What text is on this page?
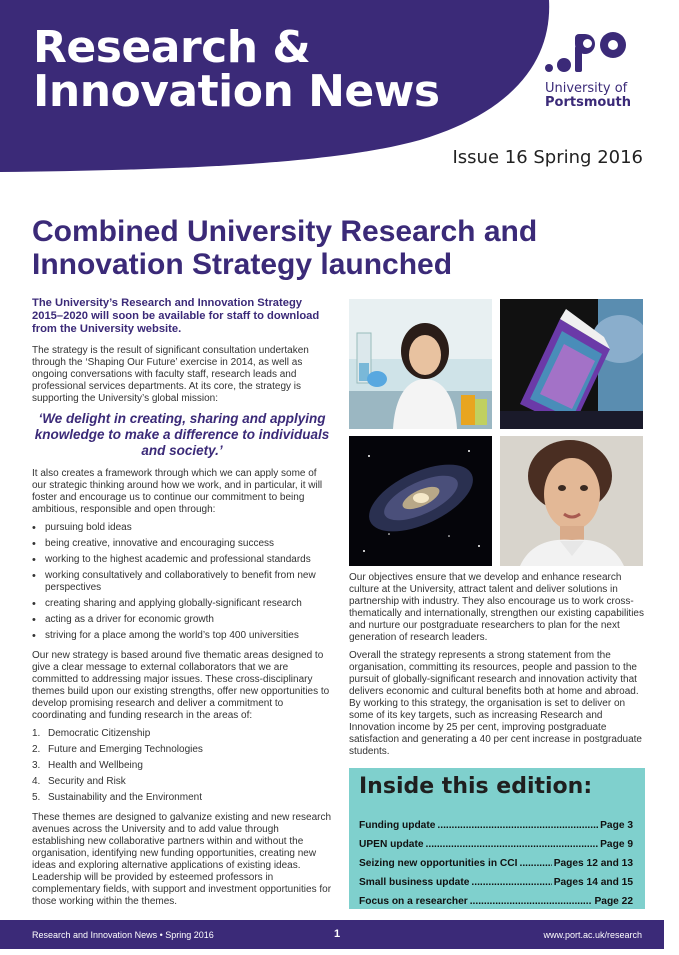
Research &
Innovation News	University of
Portsmouth
Issue 16 Spring 2016
Combined University Research and
Innovation Strategy launched
The University’s Research and Innovation Strategy 2015–2020 will soon be available for staff to download from the University website.

The strategy is the result of significant consultation undertaken through the ‘Shaping Our Future’ exercise in 2014, as well as ongoing conversations with faculty staff, research leads and professional services departments. At its core, the strategy is supporting the University’s global mission:

‘We delight in creating, sharing and applying knowledge to make a difference to individuals and society.’

It also creates a framework through which we can apply some of our strategic thinking around how we work, and in particular, it will foster and encourage us to continue our commitment to being ambitious, responsible and open through:

• pursuing bold ideas
• being creative, innovative and encouraging success
• working to the highest academic and professional standards
• working consultatively and collaboratively to benefit from new perspectives
• creating sharing and applying globally-significant research
• acting as a driver for economic growth
• striving for a place among the world’s top 400 universities

Our new strategy is based around five thematic areas designed to give a clear message to external collaborators that we are committed to addressing major issues. These cross-disciplinary themes build upon our existing strengths, offer new opportunities to develop promising research and deliver a commitment to coordinating and funding research in the areas of:

1. Democratic Citizenship
2. Future and Emerging Technologies
3. Health and Wellbeing
4. Security and Risk
5. Sustainability and the Environment

These themes are designed to galvanize existing and new research avenues across the University and to add value through establishing new collaborative partners within and without the organisation, identifying new funding opportunities, creating new ideas and exploring alternative applications of existing ideas. Leadership will be provided by esteemed professors in complementary fields, with support and investment opportunities for those working within the themes.

Our objectives ensure that we develop and enhance research culture at the University, attract talent and deliver solutions in partnership with industry. They also encourage us to work cross-thematically and internationally, strengthen our existing capabilities and nurture our postgraduate researchers to plan for the next generation of research leaders.

Overall the strategy represents a strong statement from the organisation, committing its resources, people and passion to the pursuit of globally-significant research and innovation activity that delivers economic and cultural benefits both at home and abroad. By working to this strategy, the organisation is set to deliver on some of its key targets, such as increasing Research and Innovation income by 25 per cent, improving postgraduate satisfaction and generating a 40 per cent increase in postgraduate students.

Inside this edition:
Funding update .....	Page 3
UPEN update .....	Page 9
Seizing new opportunities in CCI .....	Pages 12 and 13
Small business update .....	Pages 14 and 15
Focus on a researcher .....	Page 22
Research and Innovation News • Spring 2016	1	www.port.ac.uk/research
